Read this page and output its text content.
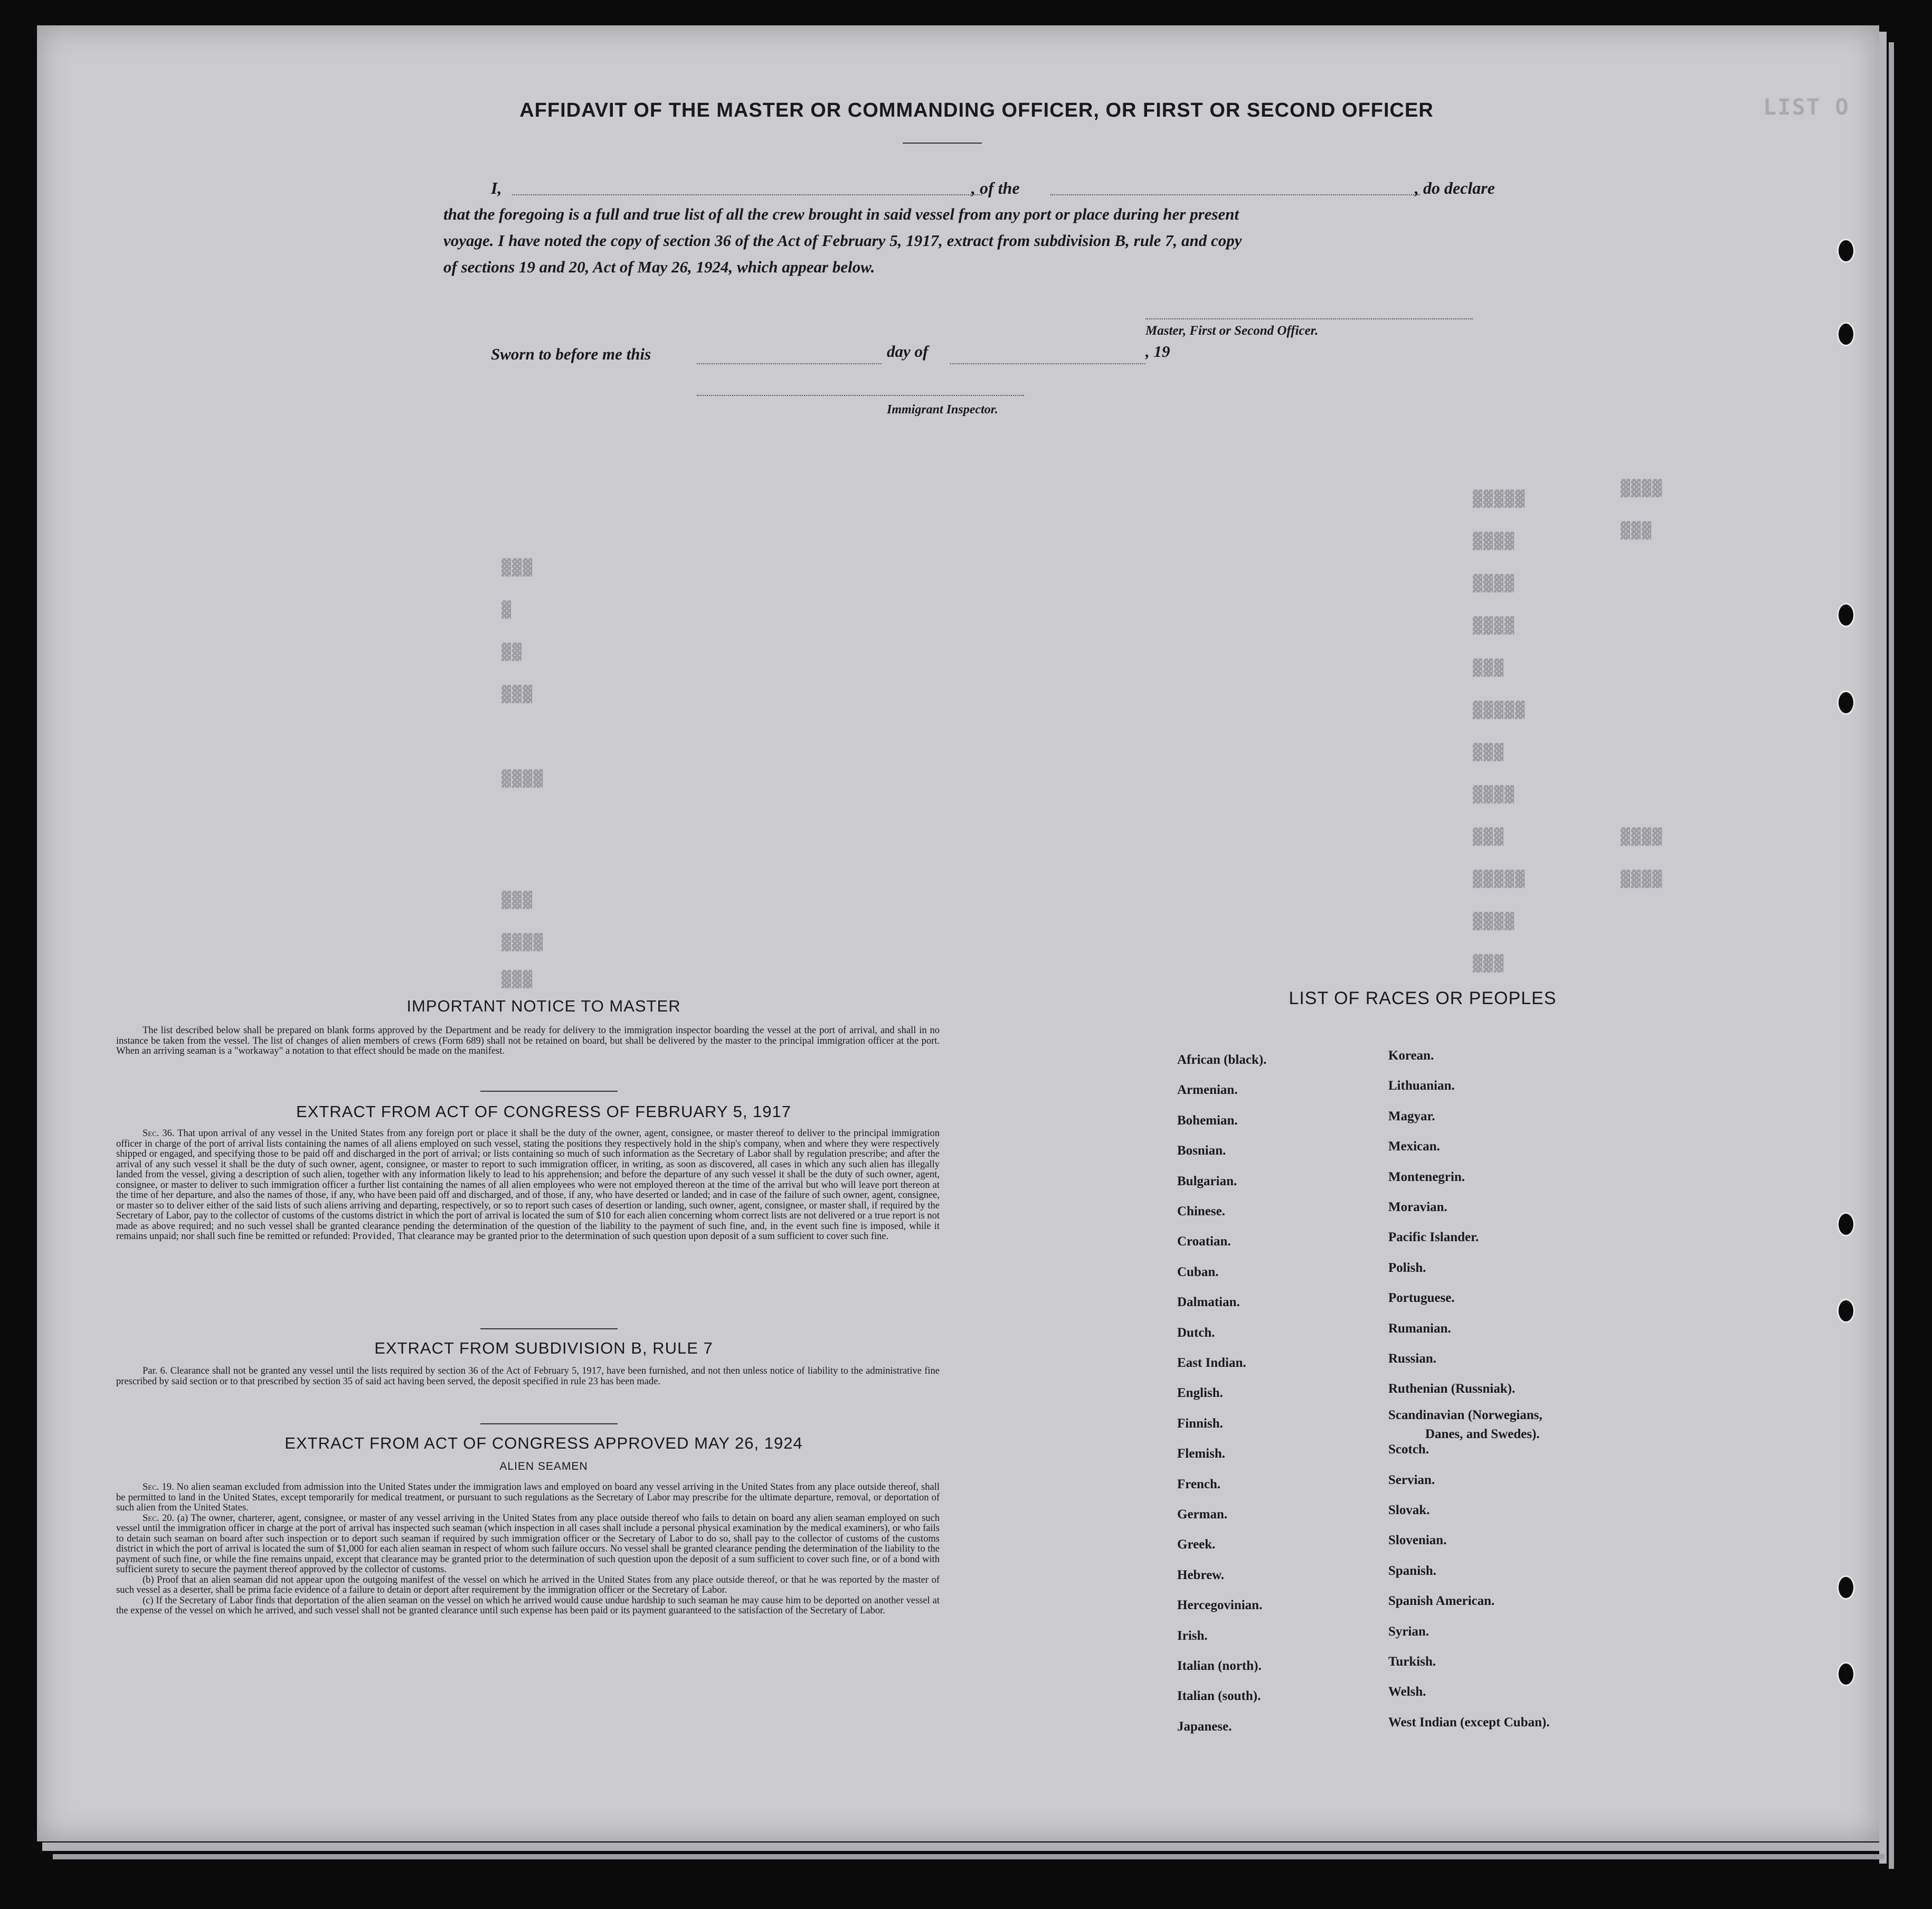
LIST O
▓▓▓▓
▓▓▓
▓▓▓▓▓
▓▓▓▓
▓▓▓▓
▓▓▓▓
▓▓▓
▓▓▓▓▓
▓▓▓
▓▓▓▓
▓▓▓
▓▓▓▓▓
▓▓▓▓
▓▓▓
▓▓▓▓
▓▓▓▓
▓▓▓
▓
▓▓
▓▓▓
▓▓▓▓
▓▓▓
▓▓▓▓
▓▓▓
AFFIDAVIT OF THE MASTER OR COMMANDING OFFICER, OR FIRST OR SECOND OFFICER
I,	, of the	, do declare
that the foregoing is a full and true list of all the crew brought in said vessel from any port or place during her present
voyage. I have noted the copy of section 36 of the Act of February 5, 1917, extract from subdivision B, rule 7, and copy
of sections 19 and 20, Act of May 26, 1924, which appear below.
Master, First or Second Officer.
Sworn to before me this	day of	, 19
Immigrant Inspector.
IMPORTANT NOTICE TO MASTER
The list described below shall be prepared on blank forms approved by the Department and be ready for delivery to the immigration inspector boarding the vessel at the port of arrival, and shall in no instance be taken from the vessel. The list of changes of alien members of crews (Form 689) shall not be retained on board, but shall be delivered by the master to the principal immigration officer at the port. When an arriving seaman is a "workaway" a notation to that effect should be made on the manifest.
EXTRACT FROM ACT OF CONGRESS OF FEBRUARY 5, 1917
Sec. 36. That upon arrival of any vessel in the United States from any foreign port or place it shall be the duty of the owner, agent, consignee, or master thereof to deliver to the principal immigration officer in charge of the port of arrival lists containing the names of all aliens employed on such vessel, stating the positions they respectively hold in the ship's company, when and where they were respectively shipped or engaged, and specifying those to be paid off and discharged in the port of arrival; or lists containing so much of such information as the Secretary of Labor shall by regulation prescribe; and after the arrival of any such vessel it shall be the duty of such owner, agent, consignee, or master to report to such immigration officer, in writing, as soon as discovered, all cases in which any such alien has illegally landed from the vessel, giving a description of such alien, together with any information likely to lead to his apprehension; and before the departure of any such vessel it shall be the duty of such owner, agent, consignee, or master to deliver to such immigration officer a further list containing the names of all alien employees who were not employed thereon at the time of the arrival but who will leave port thereon at the time of her departure, and also the names of those, if any, who have been paid off and discharged, and of those, if any, who have deserted or landed; and in case of the failure of such owner, agent, consignee, or master so to deliver either of the said lists of such aliens arriving and departing, respectively, or so to report such cases of desertion or landing, such owner, agent, consignee, or master shall, if required by the Secretary of Labor, pay to the collector of customs of the customs district in which the port of arrival is located the sum of $10 for each alien concerning whom correct lists are not delivered or a true report is not made as above required; and no such vessel shall be granted clearance pending the determination of the question of the liability to the payment of such fine, and, in the event such fine is imposed, while it remains unpaid; nor shall such fine be remitted or refunded: Provided, That clearance may be granted prior to the determination of such question upon deposit of a sum sufficient to cover such fine.
EXTRACT FROM SUBDIVISION B, RULE 7
Par. 6. Clearance shall not be granted any vessel until the lists required by section 36 of the Act of February 5, 1917, have been furnished, and not then unless notice of liability to the administrative fine prescribed by said section or to that prescribed by section 35 of said act having been served, the deposit specified in rule 23 has been made.
EXTRACT FROM ACT OF CONGRESS APPROVED MAY 26, 1924
ALIEN SEAMEN
Sec. 19. No alien seaman excluded from admission into the United States under the immigration laws and employed on board any vessel arriving in the United States from any place outside thereof, shall be permitted to land in the United States, except temporarily for medical treatment, or pursuant to such regulations as the Secretary of Labor may prescribe for the ultimate departure, removal, or deportation of such alien from the United States.
Sec. 20. (a) The owner, charterer, agent, consignee, or master of any vessel arriving in the United States from any place outside thereof who fails to detain on board any alien seaman employed on such vessel until the immigration officer in charge at the port of arrival has inspected such seaman (which inspection in all cases shall include a personal physical examination by the medical examiners), or who fails to detain such seaman on board after such inspection or to deport such seaman if required by such immigration officer or the Secretary of Labor to do so, shall pay to the collector of customs of the customs district in which the port of arrival is located the sum of $1,000 for each alien seaman in respect of whom such failure occurs. No vessel shall be granted clearance pending the determination of the liability to the payment of such fine, or while the fine remains unpaid, except that clearance may be granted prior to the determination of such question upon the deposit of a sum sufficient to cover such fine, or of a bond with sufficient surety to secure the payment thereof approved by the collector of customs.
(b) Proof that an alien seaman did not appear upon the outgoing manifest of the vessel on which he arrived in the United States from any place outside thereof, or that he was reported by the master of such vessel as a deserter, shall be prima facie evidence of a failure to detain or deport after requirement by the immigration officer or the Secretary of Labor.
(c) If the Secretary of Labor finds that deportation of the alien seaman on the vessel on which he arrived would cause undue hardship to such seaman he may cause him to be deported on another vessel at the expense of the vessel on which he arrived, and such vessel shall not be granted clearance until such expense has been paid or its payment guaranteed to the satisfaction of the Secretary of Labor.
LIST OF RACES OR PEOPLES
African (black).
Armenian.
Bohemian.
Bosnian.
Bulgarian.
Chinese.
Croatian.
Cuban.
Dalmatian.
Dutch.
East Indian.
English.
Finnish.
Flemish.
French.
German.
Greek.
Hebrew.
Hercegovinian.
Irish.
Italian (north).
Italian (south).
Japanese.
Korean.
Lithuanian.
Magyar.
Mexican.
Montenegrin.
Moravian.
Pacific Islander.
Polish.
Portuguese.
Rumanian.
Russian.
Ruthenian (Russniak).
Scandinavian (Norwegians,
Danes, and Swedes).
Scotch.
Servian.
Slovak.
Slovenian.
Spanish.
Spanish American.
Syrian.
Turkish.
Welsh.
West Indian (except Cuban).
